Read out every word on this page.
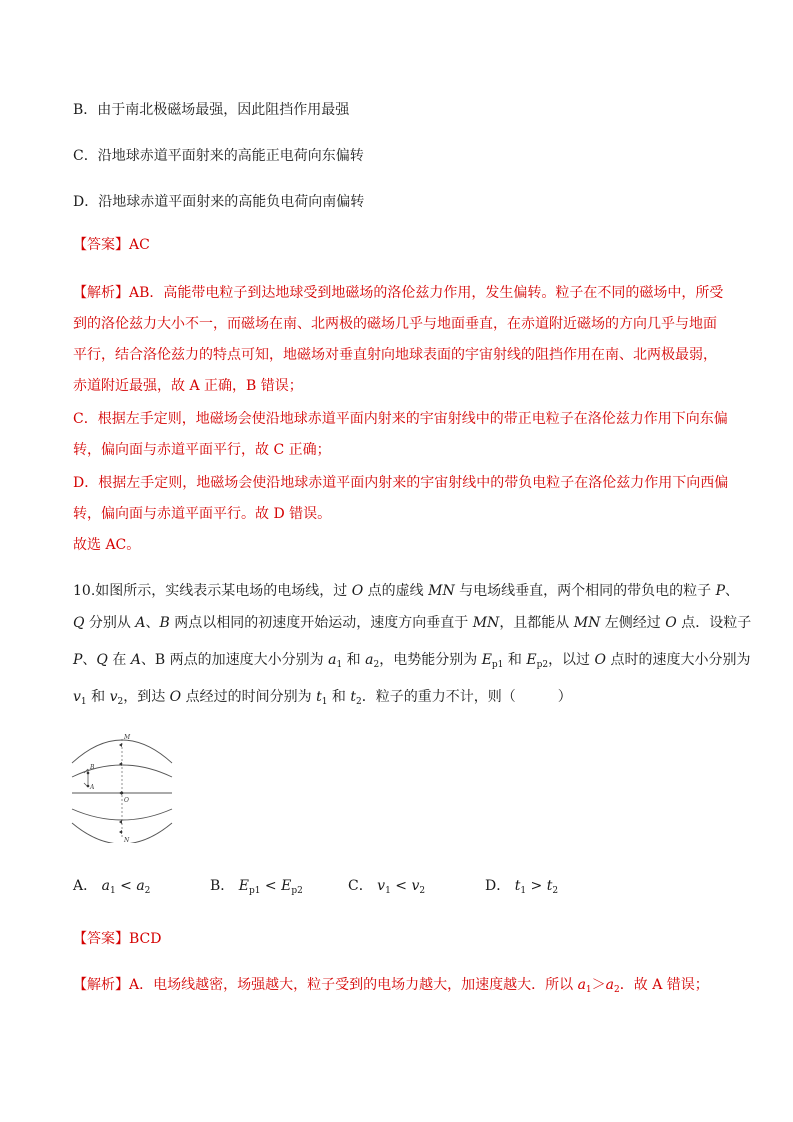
B．由于南北极磁场最强，因此阻挡作用最强
C．沿地球赤道平面射来的高能正电荷向东偏转
D．沿地球赤道平面射来的高能负电荷向南偏转
【答案】AC
【解析】AB．高能带电粒子到达地球受到地磁场的洛伦兹力作用，发生偏转。粒子在不同的磁场中，所受
到的洛伦兹力大小不一，而磁场在南、北两极的磁场几乎与地面垂直，在赤道附近磁场的方向几乎与地面
平行，结合洛伦兹力的特点可知，地磁场对垂直射向地球表面的宇宙射线的阻挡作用在南、北两极最弱，
赤道附近最强，故 A 正确，B 错误；
C．根据左手定则，地磁场会使沿地球赤道平面内射来的宇宙射线中的带正电粒子在洛伦兹力作用下向东偏
转，偏向面与赤道平面平行，故 C 正确；
D．根据左手定则，地磁场会使沿地球赤道平面内射来的宇宙射线中的带负电粒子在洛伦兹力作用下向西偏
转，偏向面与赤道平面平行。故 D 错误。
故选 AC。
10.如图所示，实线表示某电场的电场线，过 O 点的虚线 MN 与电场线垂直，两个相同的带负电的粒子 P、
Q 分别从 A、B 两点以相同的初速度开始运动，速度方向垂直于 MN，且都能从 MN 左侧经过 O 点．设粒子
P、Q 在 A、B 两点的加速度大小分别为 $a_1$ 和 $a_2$，电势能分别为 $E_{p1}$ 和 $E_{p2}$，以过 O 点时的速度大小分别为
$v_1$ 和 $v_2$，到达 O 点经过的时间分别为 $t_1$ 和 $t_2$．粒子的重力不计，则（　　　）
M
N
O
B
A
A． $a_1 < a_2$	B． $E_{p1} < E_{p2}$	C． $v_1 < v_2$	D． $t_1 > t_2$
【答案】BCD
【解析】A．电场线越密，场强越大，粒子受到的电场力越大，加速度越大．所以 $a_1>a_2$．故 A 错误；
